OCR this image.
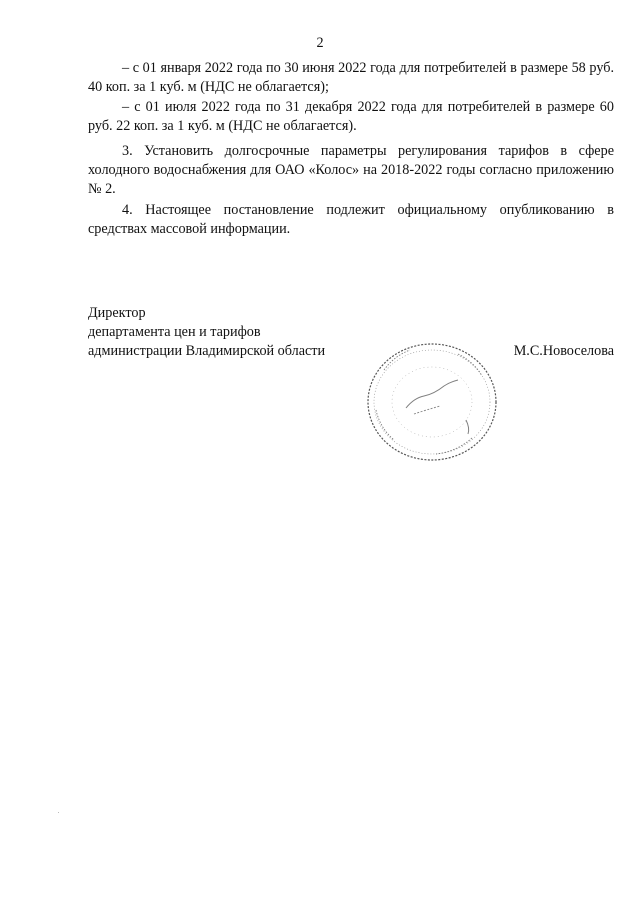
2

– с 01 января 2022 года по 30 июня 2022 года для потребителей в размере 58 руб. 40 коп. за 1 куб. м (НДС не облагается);

– с 01 июля 2022 года по 31 декабря 2022 года для потребителей в размере 60 руб. 22 коп. за 1 куб. м (НДС не облагается).

3. Установить долгосрочные параметры регулирования тарифов в сфере холодного водоснабжения для ОАО «Колос» на 2018-2022 годы согласно приложению № 2.

4. Настоящее постановление подлежит официальному опубликованию в средствах массовой информации.

Директор
департамента цен и тарифов
администрации Владимирской области	М.С.Новоселова
